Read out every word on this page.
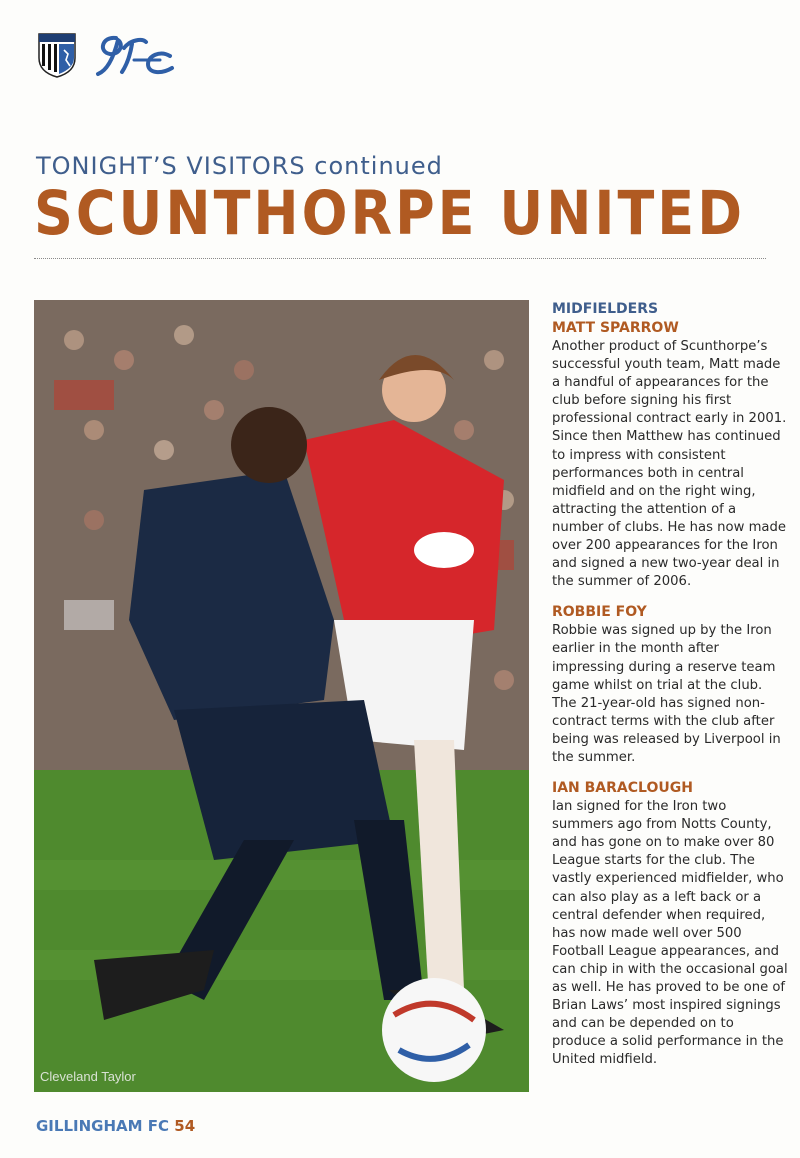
TONIGHT’S VISITORS continued
SCUNTHORPE UNITED
Cleveland Taylor
MIDFIELDERS
MATT SPARROW

Another product of Scunthorpe’s successful youth team, Matt made a handful of appearances for the club before signing his first professional contract early in 2001. Since then Matthew has continued to impress with consistent performances both in central midfield and on the right wing, attracting the attention of a number of clubs. He has now made over 200 appearances for the Iron and signed a new two-year deal in the summer of 2006.

ROBBIE FOY

Robbie was signed up by the Iron earlier in the month after impressing during a reserve team game whilst on trial at the club. The 21-year-old has signed non-contract terms with the club after being was released by Liverpool in the summer.

IAN BARACLOUGH

Ian signed for the Iron two summers ago from Notts County, and has gone on to make over 80 League starts for the club. The vastly experienced midfielder, who can also play as a left back or a central defender when required, has now made well over 500 Football League appearances, and can chip in with the occasional goal as well. He has proved to be one of Brian Laws’ most inspired signings and can be depended on to produce a solid performance in the United midfield.

GILLINGHAM FC 54
